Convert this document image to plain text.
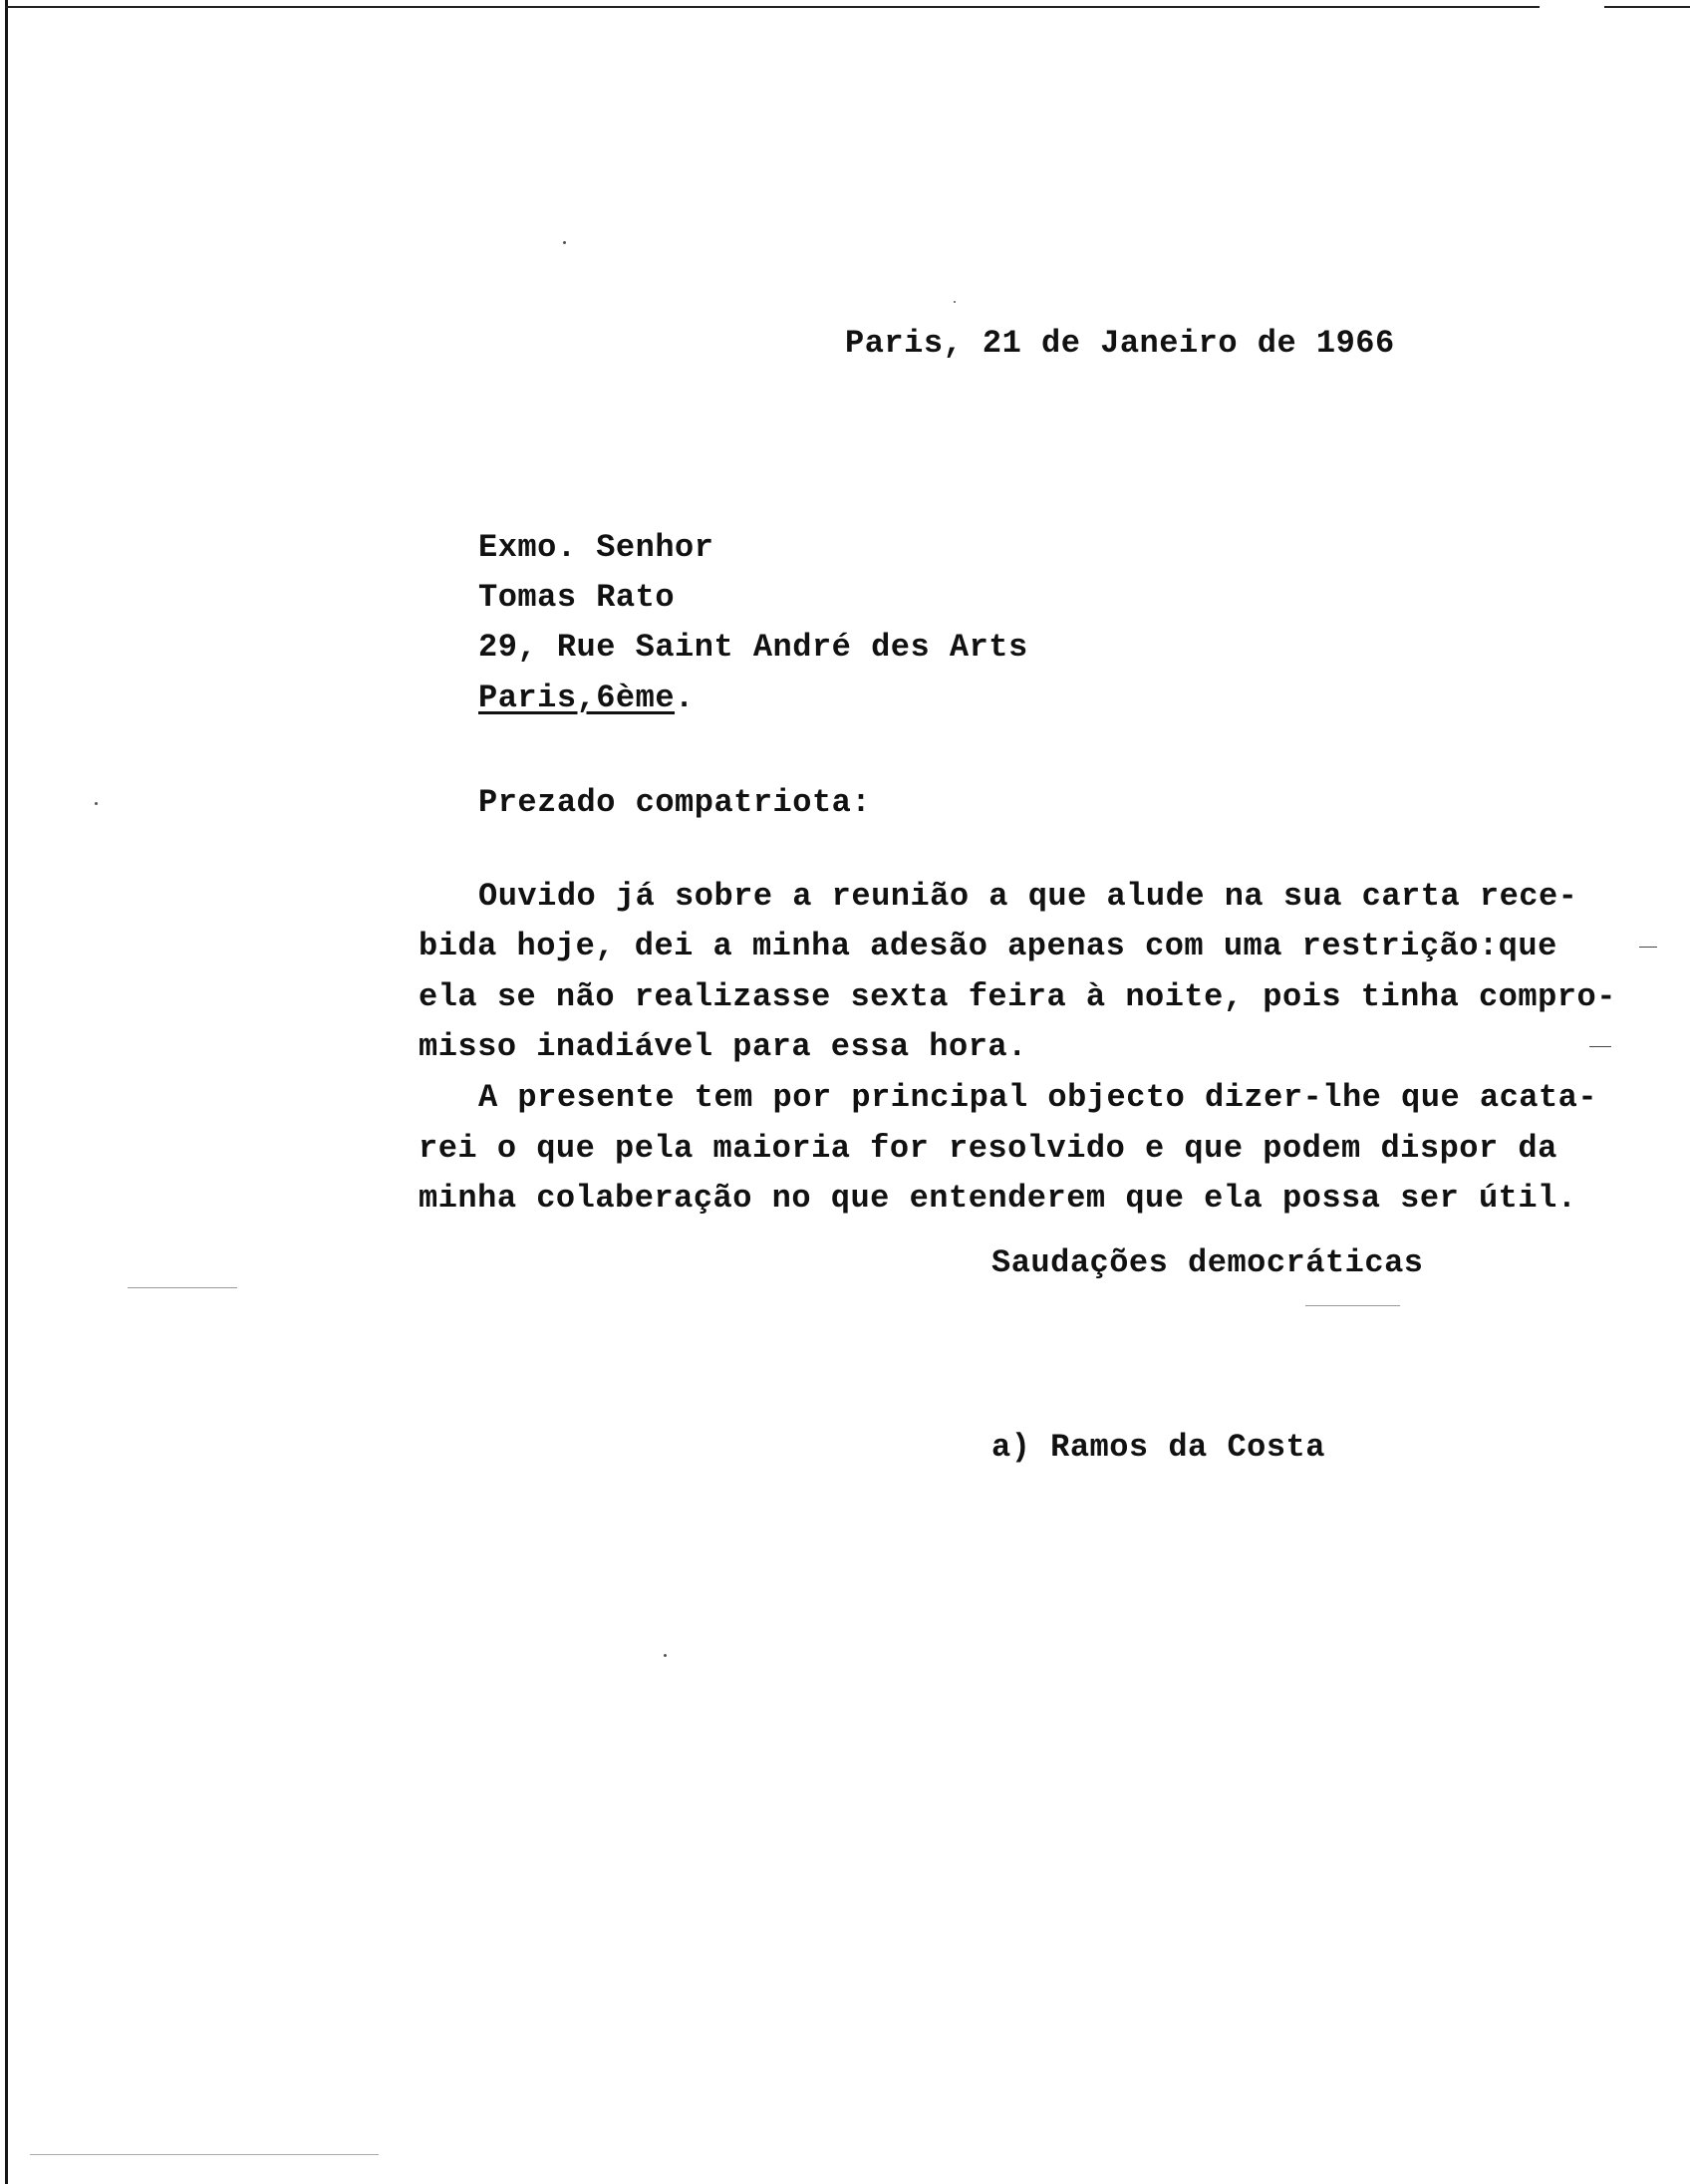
Paris, 21 de Janeiro de 1966

Exmo. Senhor

Tomas Rato

29, Rue Saint André des Arts

Paris,6ème.

Prezado compatriota:

Ouvido já sobre a reunião a que alude na sua carta rece-

bida hoje, dei a minha adesão apenas com uma restrição:que

ela se não realizasse sexta feira à noite, pois tinha compro-

misso inadiável para essa hora.

A presente tem por principal objecto dizer-lhe que acata-

rei o que pela maioria for resolvido e que podem dispor da

minha colaberação no que entenderem que ela possa ser útil.

Saudações democráticas

a) Ramos da Costa
